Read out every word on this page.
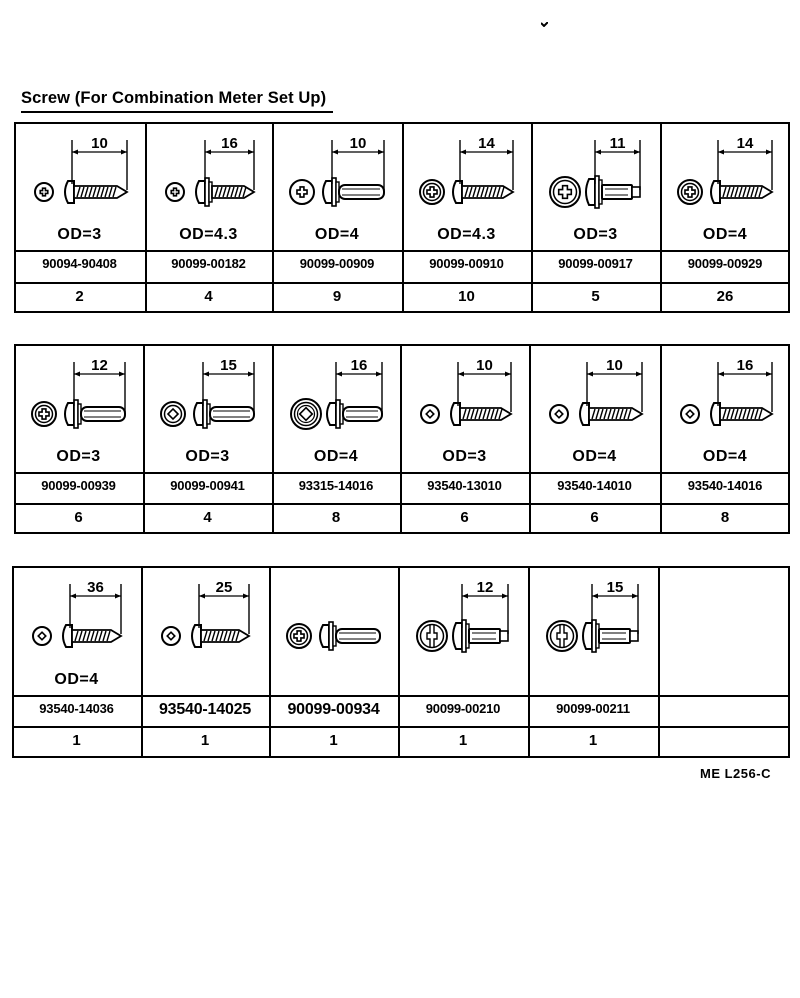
Screw (For Combination Meter Set Up)
10
OD=3
90094-90408
2
16
OD=4.3
90099-00182
4
10
OD=4
90099-00909
9
14
OD=4.3
90099-00910
10
11
OD=3
90099-00917
5
14
OD=4
90099-00929
26
12
OD=3
90099-00939
6
15
OD=3
90099-00941
4
16
OD=4
93315-14016
8
10
OD=3
93540-13010
6
10
OD=4
93540-14010
6
16
OD=4
93540-14016
8
36
OD=4
93540-14036
1
25
93540-14025
1
90099-00934
1
12
90099-00210
1
15
90099-00211
1
ME L256-C
